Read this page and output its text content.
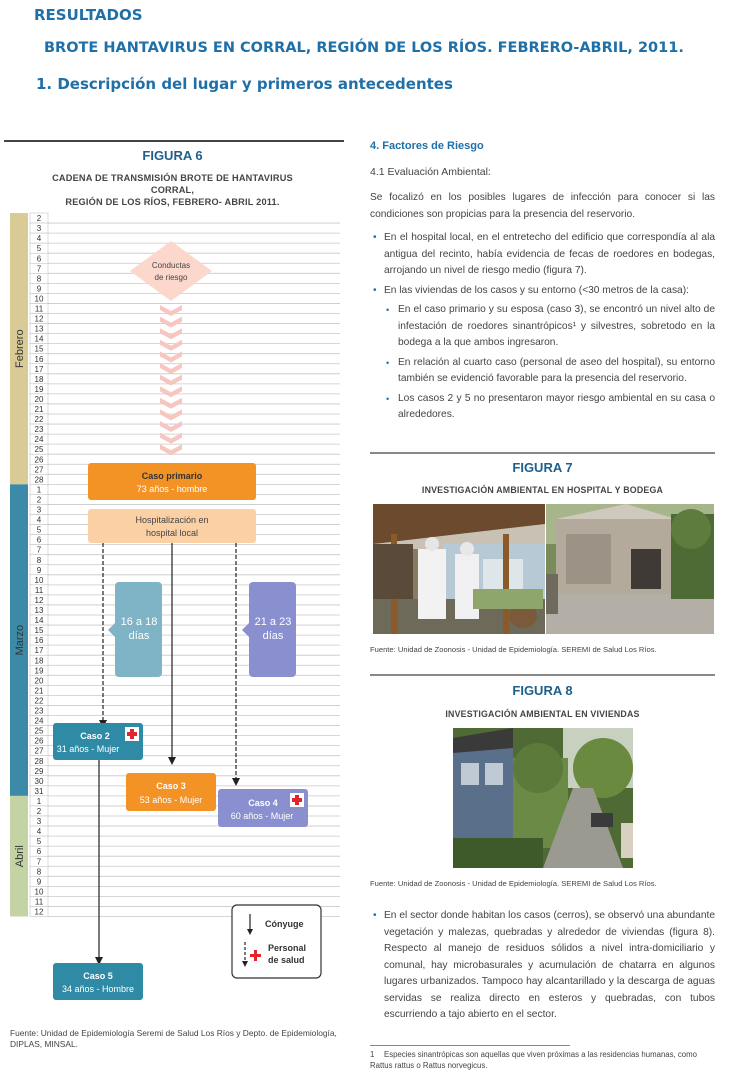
RESULTADOS
BROTE HANTAVIRUS EN CORRAL, REGIÓN DE LOS RÍOS. FEBRERO-ABRIL, 2011.
1. Descripción del lugar y primeros antecedentes
FIGURA 6
CADENA DE TRANSMISIÓN BROTE DE HANTAVIRUS CORRAL,
REGIÓN DE LOS RÍOS, FEBRERO- ABRIL 2011.
2
3
4
5
6
7
8
9
10
11
12
13
14
15
16
17
18
19
20
21
22
23
24
25
26
27
28
1
2
3
4
5
6
7
8
9
10
11
12
13
14
15
16
17
18
19
20
21
22
23
24
25
26
27
28
29
30
31
1
2
3
4
5
6
7
8
9
10
11
12
Febrero
Marzo
Abril
Conductas
de riesgo
Caso primario
73 años - hombre
Hospitalización en
hospital local
16 a 18
días
21 a 23
días
Caso 2
31 años - Mujer
Caso 3
53 años - Mujer	Caso 4
60 años - Mujer
Caso 5
34 años - Hombre
Cónyuge
Personal
de salud
Fuente: Unidad de Epidemiología Seremi de Salud Los Ríos y Depto. de Epidemiología, DIPLAS, MINSAL.
4. Factores de Riesgo
4.1 Evaluación Ambiental:
Se focalizó en los posibles lugares de infección para conocer si las condiciones son propicias para la presencia del reservorio.
• En el hospital local, en el entretecho del edificio que correspondía al ala antigua del recinto, había evidencia de fecas de roedores en bodegas, arrojando un nivel de riesgo medio (figura 7).
• En las viviendas de los casos y su entorno (<30 metros de la casa):
• En el caso primario y su esposa (caso 3), se encontró un nivel alto de infestación de roedores sinantrópicos¹ y silvestres, sobretodo en la bodega a la que ambos ingresaron.
• En relación al cuarto caso (personal de aseo del hospital), su entorno también se evidenció favorable para la presencia del reservorio.
• Los casos 2 y 5 no presentaron mayor riesgo ambiental en su casa o alrededores.
FIGURA 7
INVESTIGACIÓN AMBIENTAL EN HOSPITAL Y BODEGA
Fuente: Unidad de Zoonosis - Unidad de Epidemiología. SEREMI de Salud Los Ríos.
FIGURA 8
INVESTIGACIÓN AMBIENTAL EN VIVIENDAS
Fuente: Unidad de Zoonosis - Unidad de Epidemiología. SEREMI de Salud Los Ríos.
• En el sector donde habitan los casos (cerros), se observó una abundante vegetación y malezas, quebradas y alrededor de viviendas (figura 8). Respecto al manejo de residuos sólidos a nivel intra-domiciliario y comunal, hay microbasurales y acumulación de chatarra en algunos lugares urbanizados. Tampoco hay alcantarillado y la descarga de aguas servidas se realiza directo en esteros y quebradas, con tubos escurriendo a tajo abierto en el sector.
1 Especies sinantrópicas son aquellas que viven próximas a las residencias humanas, como Rattus rattus o Rattus norvegicus.
